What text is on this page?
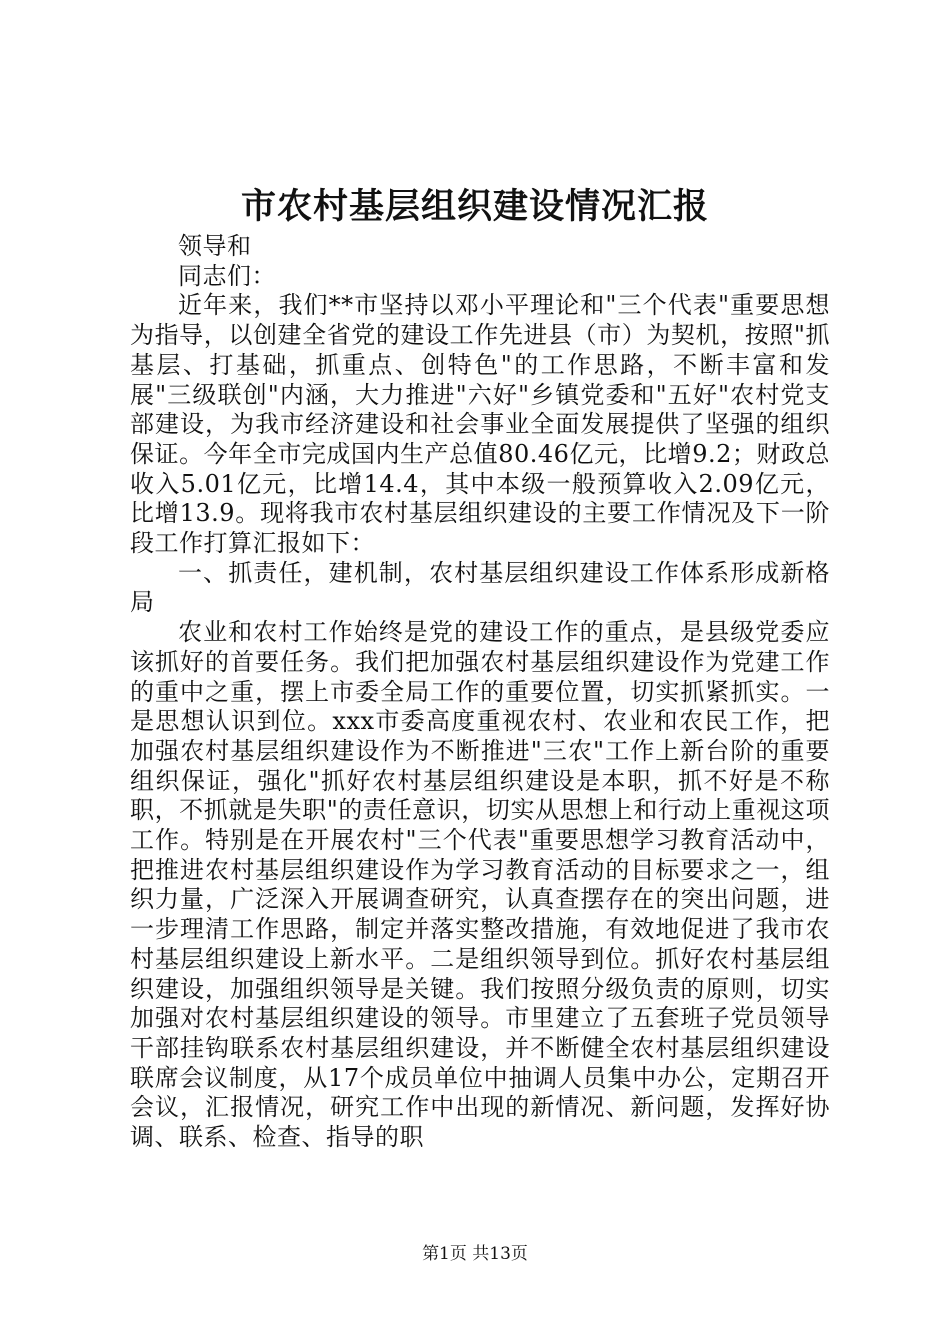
市农村基层组织建设情况汇报

领导和

同志们：

近年来，我们**市坚持以邓小平理论和"三个代表"重要思想为指导，以创建全省党的建设工作先进县（市）为契机，按照"抓基层、打基础，抓重点、创特色"的工作思路，不断丰富和发展"三级联创"内涵，大力推进"六好"乡镇党委和"五好"农村党支部建设，为我市经济建设和社会事业全面发展提供了坚强的组织保证。今年全市完成国内生产总值80.46亿元，比增9.2；财政总收入5.01亿元，比增14.4，其中本级一般预算收入2.09亿元，比增13.9。现将我市农村基层组织建设的主要工作情况及下一阶段工作打算汇报如下：

一、抓责任，建机制，农村基层组织建设工作体系形成新格局

农业和农村工作始终是党的建设工作的重点，是县级党委应该抓好的首要任务。我们把加强农村基层组织建设作为党建工作的重中之重，摆上市委全局工作的重要位置，切实抓紧抓实。一是思想认识到位。xxx市委高度重视农村、农业和农民工作，把加强农村基层组织建设作为不断推进"三农"工作上新台阶的重要组织保证，强化"抓好农村基层组织建设是本职，抓不好是不称职，不抓就是失职"的责任意识，切实从思想上和行动上重视这项工作。特别是在开展农村"三个代表"重要思想学习教育活动中，把推进农村基层组织建设作为学习教育活动的目标要求之一，组织力量，广泛深入开展调查研究，认真查摆存在的突出问题，进一步理清工作思路，制定并落实整改措施，有效地促进了我市农村基层组织建设上新水平。二是组织领导到位。抓好农村基层组织建设，加强组织领导是关键。我们按照分级负责的原则，切实加强对农村基层组织建设的领导。市里建立了五套班子党员领导干部挂钩联系农村基层组织建设，并不断健全农村基层组织建设联席会议制度，从17个成员单位中抽调人员集中办公，定期召开会议，汇报情况，研究工作中出现的新情况、新问题，发挥好协调、联系、检查、指导的职

第1页 共13页
